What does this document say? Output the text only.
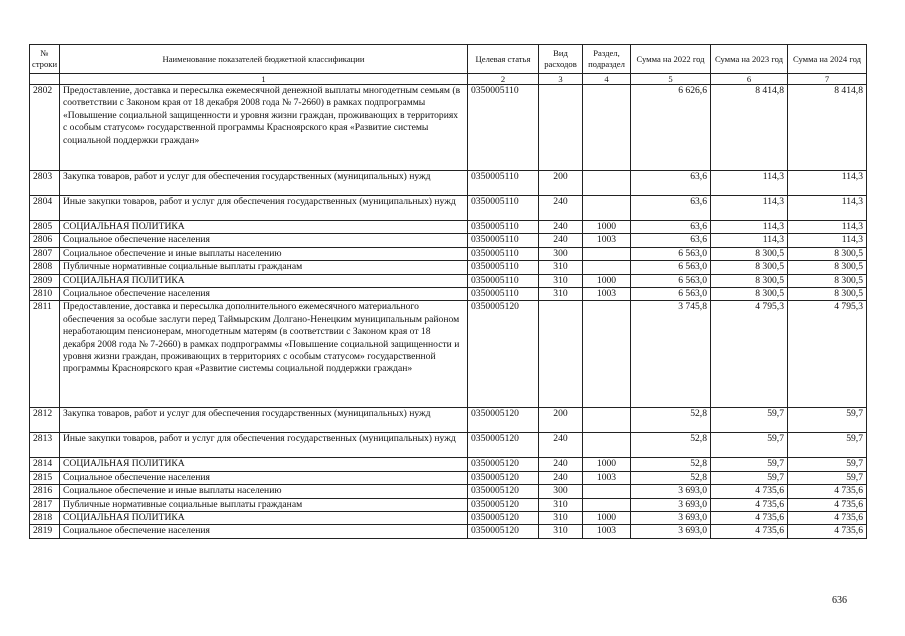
№ строки	Наименование показателей бюджетной классификации	Целевая статья	Вид расходов	Раздел, подраздел	Сумма на 2022 год	Сумма на 2023 год	Сумма на 2024 год
	1	2	3	4	5	6	7
2802	Предоставление, доставка и пересылка ежемесячной денежной выплаты многодетным семьям (в соответствии с Законом края от 18 декабря 2008 года № 7-2660) в рамках подпрограммы «Повышение социальной защищенности и уровня жизни граждан, проживающих в территориях с особым статусом» государственной программы Красноярского края «Развитие системы социальной поддержки граждан»	0350005110			6 626,6	8 414,8	8 414,8
2803	Закупка товаров, работ и услуг для обеспечения государственных (муниципальных) нужд	0350005110	200		63,6	114,3	114,3
2804	Иные закупки товаров, работ и услуг для обеспечения государственных (муниципальных) нужд	0350005110	240		63,6	114,3	114,3
2805	СОЦИАЛЬНАЯ ПОЛИТИКА	0350005110	240	1000	63,6	114,3	114,3
2806	Социальное обеспечение населения	0350005110	240	1003	63,6	114,3	114,3
2807	Социальное обеспечение и иные выплаты населению	0350005110	300		6 563,0	8 300,5	8 300,5
2808	Публичные нормативные социальные выплаты гражданам	0350005110	310		6 563,0	8 300,5	8 300,5
2809	СОЦИАЛЬНАЯ ПОЛИТИКА	0350005110	310	1000	6 563,0	8 300,5	8 300,5
2810	Социальное обеспечение населения	0350005110	310	1003	6 563,0	8 300,5	8 300,5
2811	Предоставление, доставка и пересылка дополнительного ежемесячного материального обеспечения за особые заслуги перед Таймырским Долгано-Ненецким муниципальным районом неработающим пенсионерам, многодетным матерям (в соответствии с Законом края от 18 декабря 2008 года № 7-2660) в рамках подпрограммы «Повышение социальной защищенности и уровня жизни граждан, проживающих в территориях с особым статусом» государственной программы Красноярского края «Развитие системы социальной поддержки граждан»	0350005120			3 745,8	4 795,3	4 795,3
2812	Закупка товаров, работ и услуг для обеспечения государственных (муниципальных) нужд	0350005120	200		52,8	59,7	59,7
2813	Иные закупки товаров, работ и услуг для обеспечения государственных (муниципальных) нужд	0350005120	240		52,8	59,7	59,7
2814	СОЦИАЛЬНАЯ ПОЛИТИКА	0350005120	240	1000	52,8	59,7	59,7
2815	Социальное обеспечение населения	0350005120	240	1003	52,8	59,7	59,7
2816	Социальное обеспечение и иные выплаты населению	0350005120	300		3 693,0	4 735,6	4 735,6
2817	Публичные нормативные социальные выплаты гражданам	0350005120	310		3 693,0	4 735,6	4 735,6
2818	СОЦИАЛЬНАЯ ПОЛИТИКА	0350005120	310	1000	3 693,0	4 735,6	4 735,6
2819	Социальное обеспечение населения	0350005120	310	1003	3 693,0	4 735,6	4 735,6
636
